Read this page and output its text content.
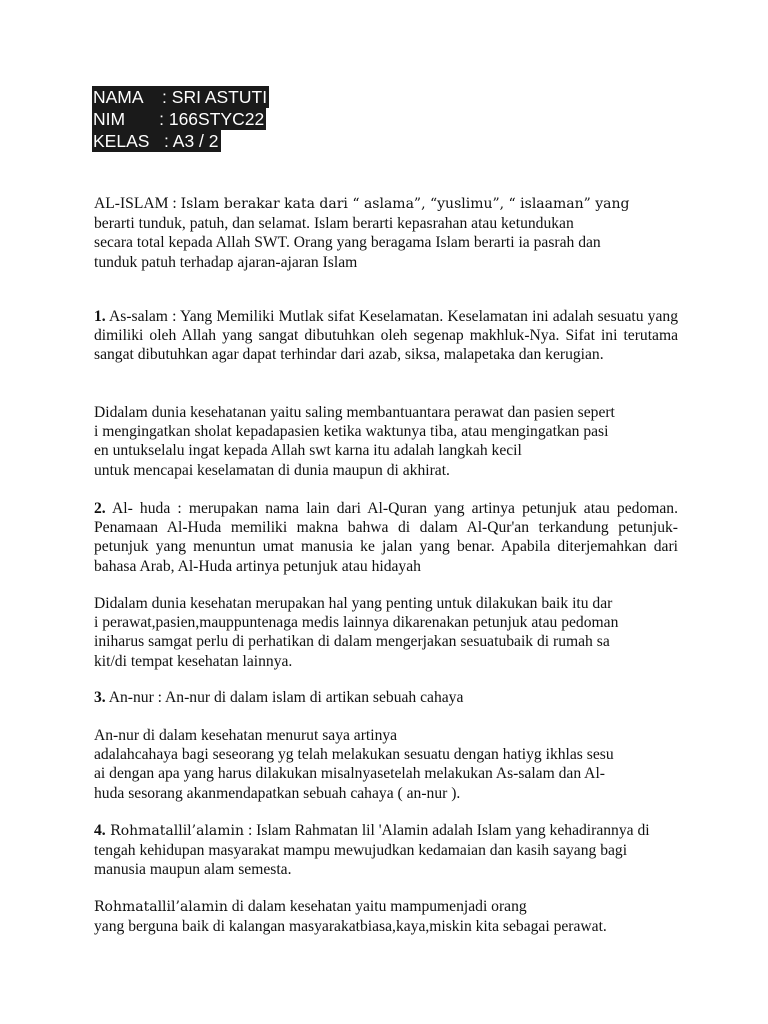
NAMA    : SRI ASTUTI
NIM       : 166STYC22
KELAS   : A3 / 2
AL-ISLAM : Islam berakar kata dari “ aslama”, “yuslimu”, “ islaaman” yang
berarti tunduk, patuh, dan selamat. Islam berarti kepasrahan atau ketundukan
secara total kepada Allah SWT. Orang yang beragama Islam berarti ia pasrah dan
tunduk patuh terhadap ajaran-ajaran Islam

1. As-salam : Yang Memiliki Mutlak sifat Keselamatan. Keselamatan ini adalah sesuatu yang dimiliki oleh Allah yang sangat dibutuhkan oleh segenap makhluk-Nya. Sifat ini terutama sangat dibutuhkan agar dapat terhindar dari azab, siksa, malapetaka dan kerugian.

Didalam dunia kesehatanan yaitu saling membantuantara perawat dan pasien sepert
i mengingatkan sholat kepadapasien ketika waktunya tiba, atau mengingatkan pasi
en untukselalu ingat kepada Allah swt karna itu adalah langkah kecil
untuk mencapai keselamatan di dunia maupun di akhirat.

2. Al- huda : merupakan nama lain dari Al-Quran yang artinya petunjuk atau pedoman. Penamaan Al-Huda memiliki makna bahwa di dalam Al-Qur'an terkandung petunjuk-petunjuk yang menuntun umat manusia ke jalan yang benar. Apabila diterjemahkan dari bahasa Arab, Al-Huda artinya petunjuk atau hidayah

Didalam dunia kesehatan merupakan hal yang penting untuk dilakukan baik itu dar
i perawat,pasien,mauppuntenaga medis lainnya dikarenakan petunjuk atau pedoman
iniharus samgat perlu di perhatikan di dalam mengerjakan sesuatubaik di rumah sa
kit/di tempat kesehatan lainnya.

3. An-nur : An-nur di dalam islam di artikan sebuah cahaya

An-nur di dalam kesehatan menurut saya artinya
adalahcahaya bagi seseorang yg telah melakukan sesuatu dengan hatiyg ikhlas sesu
ai dengan apa yang harus dilakukan misalnyasetelah melakukan As-salam dan Al-
huda sesorang akanmendapatkan sebuah cahaya ( an-nur ).

4. Rohmatallil’alamin : Islam Rahmatan lil 'Alamin adalah Islam yang kehadirannya di tengah kehidupan masyarakat mampu mewujudkan kedamaian dan kasih sayang bagi manusia maupun alam semesta.

Rohmatallil’alamin di dalam kesehatan yaitu mampumenjadi orang
yang berguna baik di kalangan masyarakatbiasa,kaya,miskin kita sebagai perawat.
